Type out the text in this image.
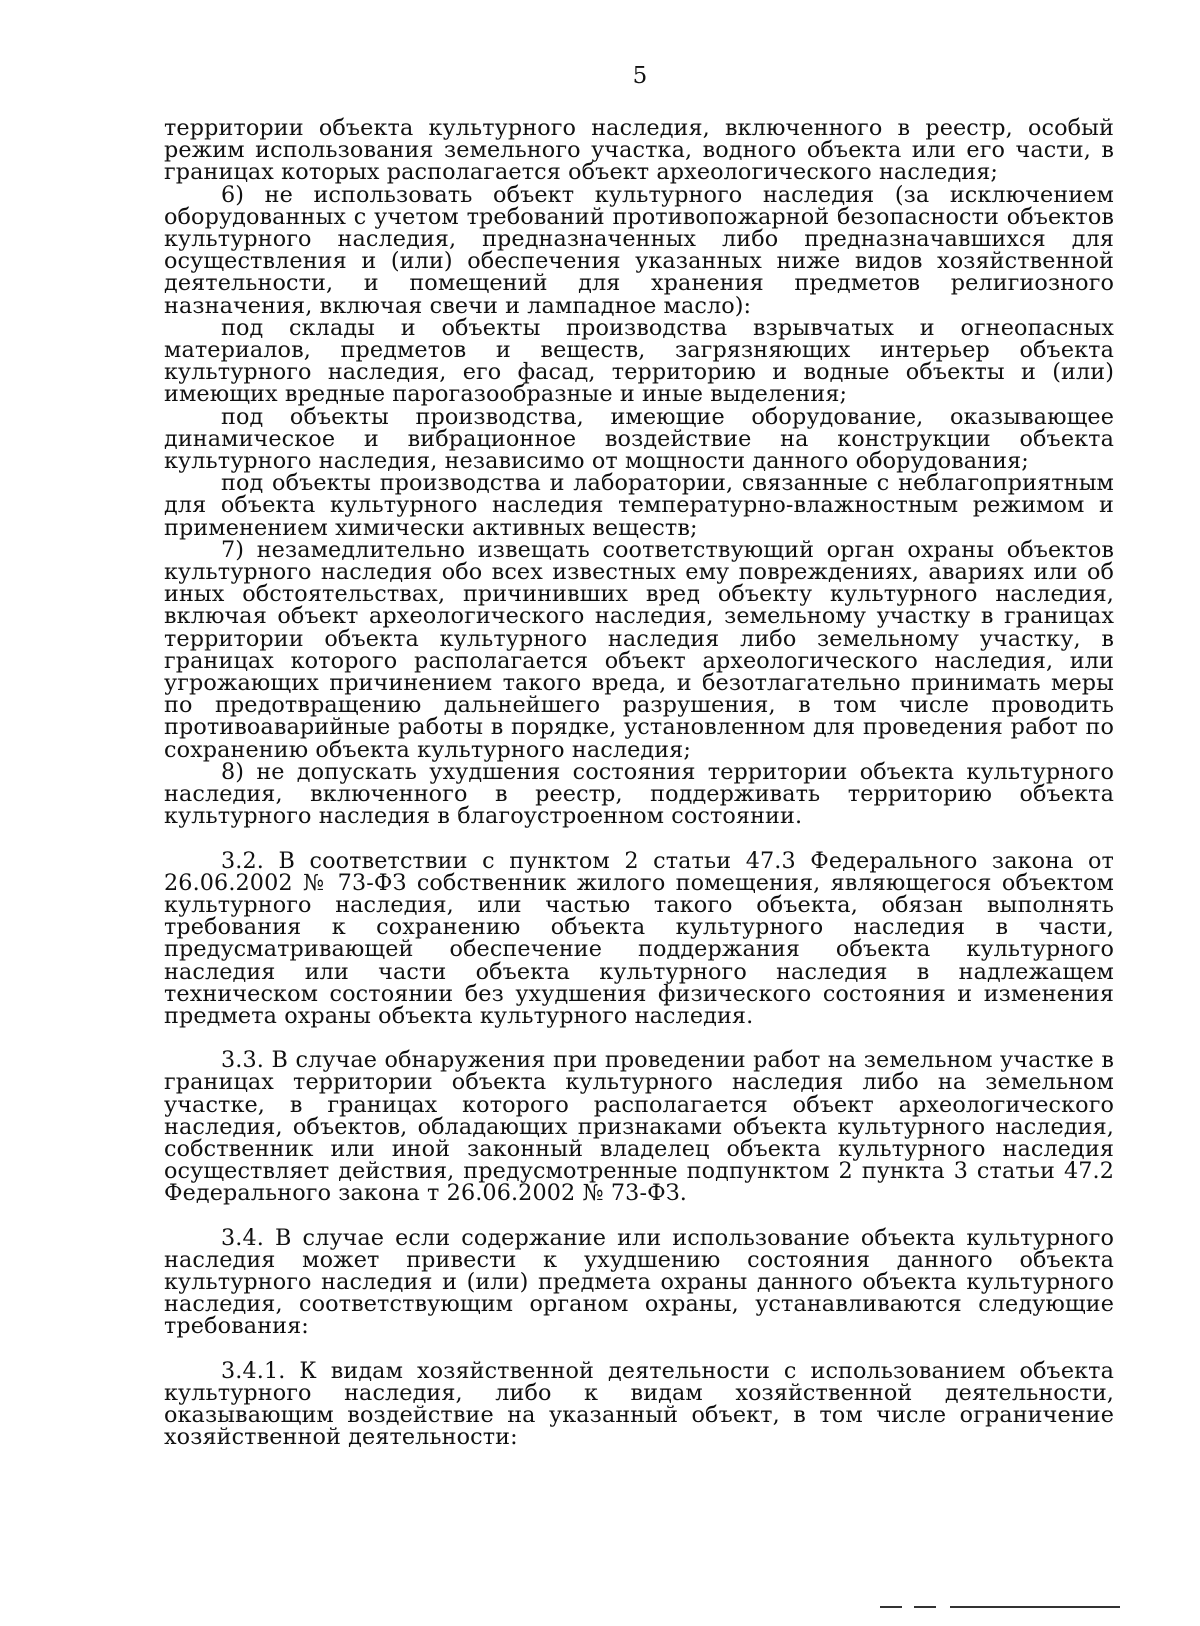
5

территории объекта культурного наследия, включенного в реестр, особый режим использования земельного участка, водного объекта или его части, в границах которых располагается объект археологического наследия;

6) не использовать объект культурного наследия (за исключением оборудованных с учетом требований противопожарной безопасности объектов культурного наследия, предназначенных либо предназначавшихся для осуществления и (или) обеспечения указанных ниже видов хозяйственной деятельности, и помещений для хранения предметов религиозного назначения, включая свечи и лампадное масло):

под склады и объекты производства взрывчатых и огнеопасных материалов, предметов и веществ, загрязняющих интерьер объекта культурного наследия, его фасад, территорию и водные объекты и (или) имеющих вредные парогазообразные и иные выделения;

под объекты производства, имеющие оборудование, оказывающее динамическое и вибрационное воздействие на конструкции объекта культурного наследия, независимо от мощности данного оборудования;

под объекты производства и лаборатории, связанные с неблагоприятным для объекта культурного наследия температурно-влажностным режимом и применением химически активных веществ;

7) незамедлительно извещать соответствующий орган охраны объектов культурного наследия обо всех известных ему повреждениях, авариях или об иных обстоятельствах, причинивших вред объекту культурного наследия, включая объект археологического наследия, земельному участку в границах территории объекта культурного наследия либо земельному участку, в границах которого располагается объект археологического наследия, или угрожающих причинением такого вреда, и безотлагательно принимать меры по предотвращению дальнейшего разрушения, в том числе проводить противоаварийные работы в порядке, установленном для проведения работ по сохранению объекта культурного наследия;

8) не допускать ухудшения состояния территории объекта культурного наследия, включенного в реестр, поддерживать территорию объекта культурного наследия в благоустроенном состоянии.

3.2. В соответствии с пунктом 2 статьи 47.3 Федерального закона от 26.06.2002 № 73-ФЗ собственник жилого помещения, являющегося объектом культурного наследия, или частью такого объекта, обязан выполнять требования к сохранению объекта культурного наследия в части, предусматривающей обеспечение поддержания объекта культурного наследия или части объекта культурного наследия в надлежащем техническом состоянии без ухудшения физического состояния и изменения предмета охраны объекта культурного наследия.

3.3. В случае обнаружения при проведении работ на земельном участке в границах территории объекта культурного наследия либо на земельном участке, в границах которого располагается объект археологического наследия, объектов, обладающих признаками объекта культурного наследия, собственник или иной законный владелец объекта культурного наследия осуществляет действия, предусмотренные подпунктом 2 пункта 3 статьи 47.2 Федерального закона т 26.06.2002 № 73-ФЗ.

3.4. В случае если содержание или использование объекта культурного наследия может привести к ухудшению состояния данного объекта культурного наследия и (или) предмета охраны данного объекта культурного наследия, соответствующим органом охраны, устанавливаются следующие требования:

3.4.1. К видам хозяйственной деятельности с использованием объекта культурного наследия, либо к видам хозяйственной деятельности, оказывающим воздействие на указанный объект, в том числе ограничение хозяйственной деятельности:
